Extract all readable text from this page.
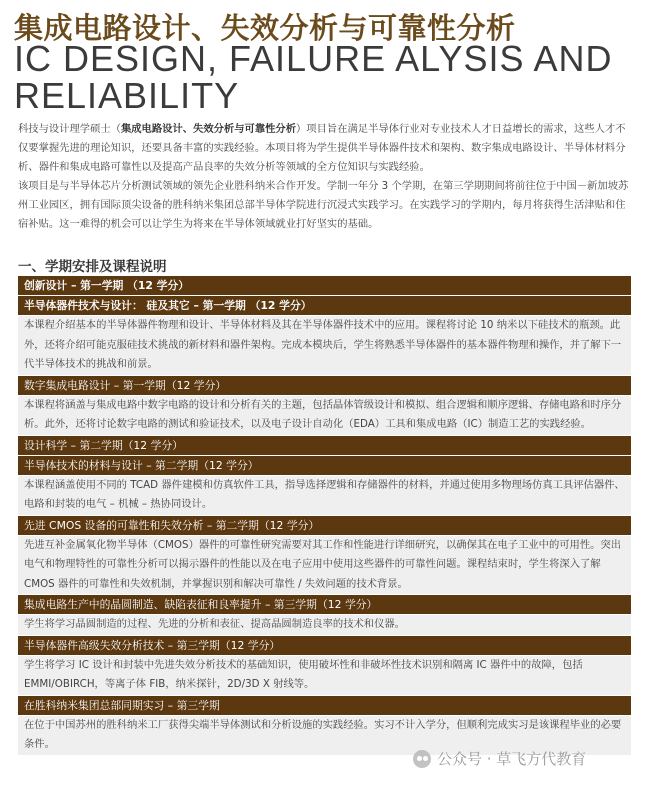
集成电路设计、失效分析与可靠性分析
IC DESIGN, FAILURE ALYSIS AND RELIABILITY

科技与设计理学硕士（集成电路设计、失效分析与可靠性分析）项目旨在满足半导体行业对专业技术人才日益增长的需求，这些人才不仅要掌握先进的理论知识，还要具备丰富的实践经验。本项目将为学生提供半导体器件技术和架构、数字集成电路设计、半导体材料分析、器件和集成电路可靠性以及提高产品良率的失效分析等领域的全方位知识与实践经验。

该项目是与半导体芯片分析测试领域的领先企业胜科纳米合作开发。学制一年分 3 个学期，在第三学期期间将前往位于中国－新加坡苏州工业园区，拥有国际顶尖设备的胜科纳米集团总部半导体学院进行沉浸式实践学习。在实践学习的学期内，每月将获得生活津贴和住宿补贴。这一难得的机会可以让学生为将来在半导体领域就业打好坚实的基础。

一、学期安排及课程说明
创新设计 – 第一学期 （12 学分）
半导体器件技术与设计： 硅及其它 – 第一学期 （12 学分）
本课程介绍基本的半导体器件物理和设计、半导体材料及其在半导体器件技术中的应用。课程将讨论 10 纳米以下硅技术的瓶颈。此外，还将介绍可能克服硅技术挑战的新材料和器件架构。完成本模块后，学生将熟悉半导体器件的基本器件物理和操作，并了解下一代半导体技术的挑战和前景。
数字集成电路设计 – 第一学期（12 学分）
本课程将涵盖与集成电路中数字电路的设计和分析有关的主题，包括晶体管级设计和模拟、组合逻辑和顺序逻辑、存储电路和时序分析。此外，还将讨论数字电路的测试和验证技术，以及电子设计自动化（EDA）工具和集成电路（IC）制造工艺的实践经验。
设计科学 – 第二学期（12 学分）
半导体技术的材料与设计 – 第二学期（12 学分）
本课程涵盖使用不同的 TCAD 器件建模和仿真软件工具，指导选择逻辑和存储器件的材料，并通过使用多物理场仿真工具评估器件、电路和封装的电气 – 机械 – 热协同设计。
先进 CMOS 设备的可靠性和失效分析 – 第二学期（12 学分）
先进互补金属氧化物半导体（CMOS）器件的可靠性研究需要对其工作和性能进行详细研究，以确保其在电子工业中的可用性。突出电气和物理特性的可靠性分析可以揭示器件的性能以及在电子应用中使用这些器件的可靠性问题。课程结束时，学生将深入了解 CMOS 器件的可靠性和失效机制，并掌握识别和解决可靠性 / 失效问题的技术背景。
集成电路生产中的晶圆制造、缺陷表征和良率提升 – 第三学期（12 学分）
学生将学习晶圆制造的过程、先进的分析和表征、提高晶圆制造良率的技术和仪器。
半导体器件高级失效分析技术 – 第三学期（12 学分）
学生将学习 IC 设计和封装中先进失效分析技术的基础知识，使用破坏性和非破坏性技术识别和隔离 IC 器件中的故障，包括 EMMI/OBIRCH，等离子体 FIB，纳米探针，2D/3D X 射线等。
在胜科纳米集团总部同期实习 – 第三学期
在位于中国苏州的胜科纳米工厂获得尖端半导体测试和分析设施的实践经验。实习不计入学分，但顺利完成实习是该课程毕业的必要条件。
公众号 · 草飞方代教育
